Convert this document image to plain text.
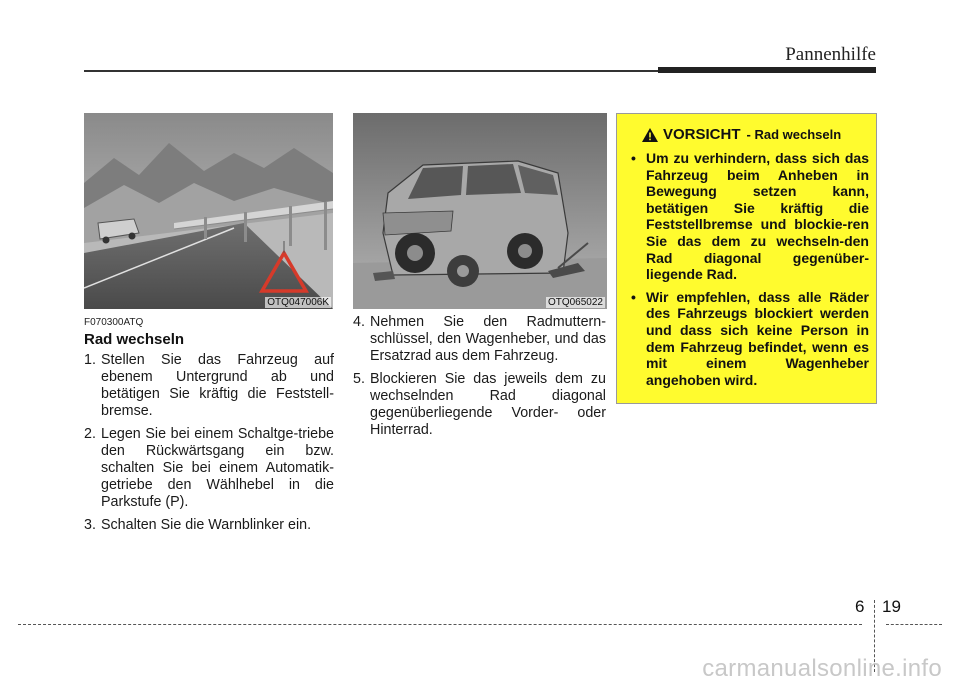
Pannenhilfe
OTQ047006K	OTQ065022
F070300ATQ
Rad wechseln
1. Stellen Sie das Fahrzeug auf ebenem Untergrund ab und betätigen Sie kräftig die Feststell-bremse.
2. Legen Sie bei einem Schaltge-triebe den Rückwärtsgang ein bzw. schalten Sie bei einem Automatik-getriebe den Wählhebel in die Parkstufe (P).
3. Schalten Sie die Warnblinker ein.
4. Nehmen Sie den Radmuttern-schlüssel, den Wagenheber, und das Ersatzrad aus dem Fahrzeug.
5. Blockieren Sie das jeweils dem zu wechselnden Rad diagonal gegenüberliegende Vorder- oder Hinterrad.
VORSICHT - Rad wechseln
• Um zu verhindern, dass sich das Fahrzeug beim Anheben in Bewegung setzen kann, betätigen Sie kräftig die Feststellbremse und blockie-ren Sie das dem zu wechseln-den Rad diagonal gegenüber-liegende Rad.
• Wir empfehlen, dass alle Räder des Fahrzeugs blockiert werden und dass sich keine Person in dem Fahrzeug befindet, wenn es mit einem Wagenheber angehoben wird.
6 19
carmanualsonline.info
